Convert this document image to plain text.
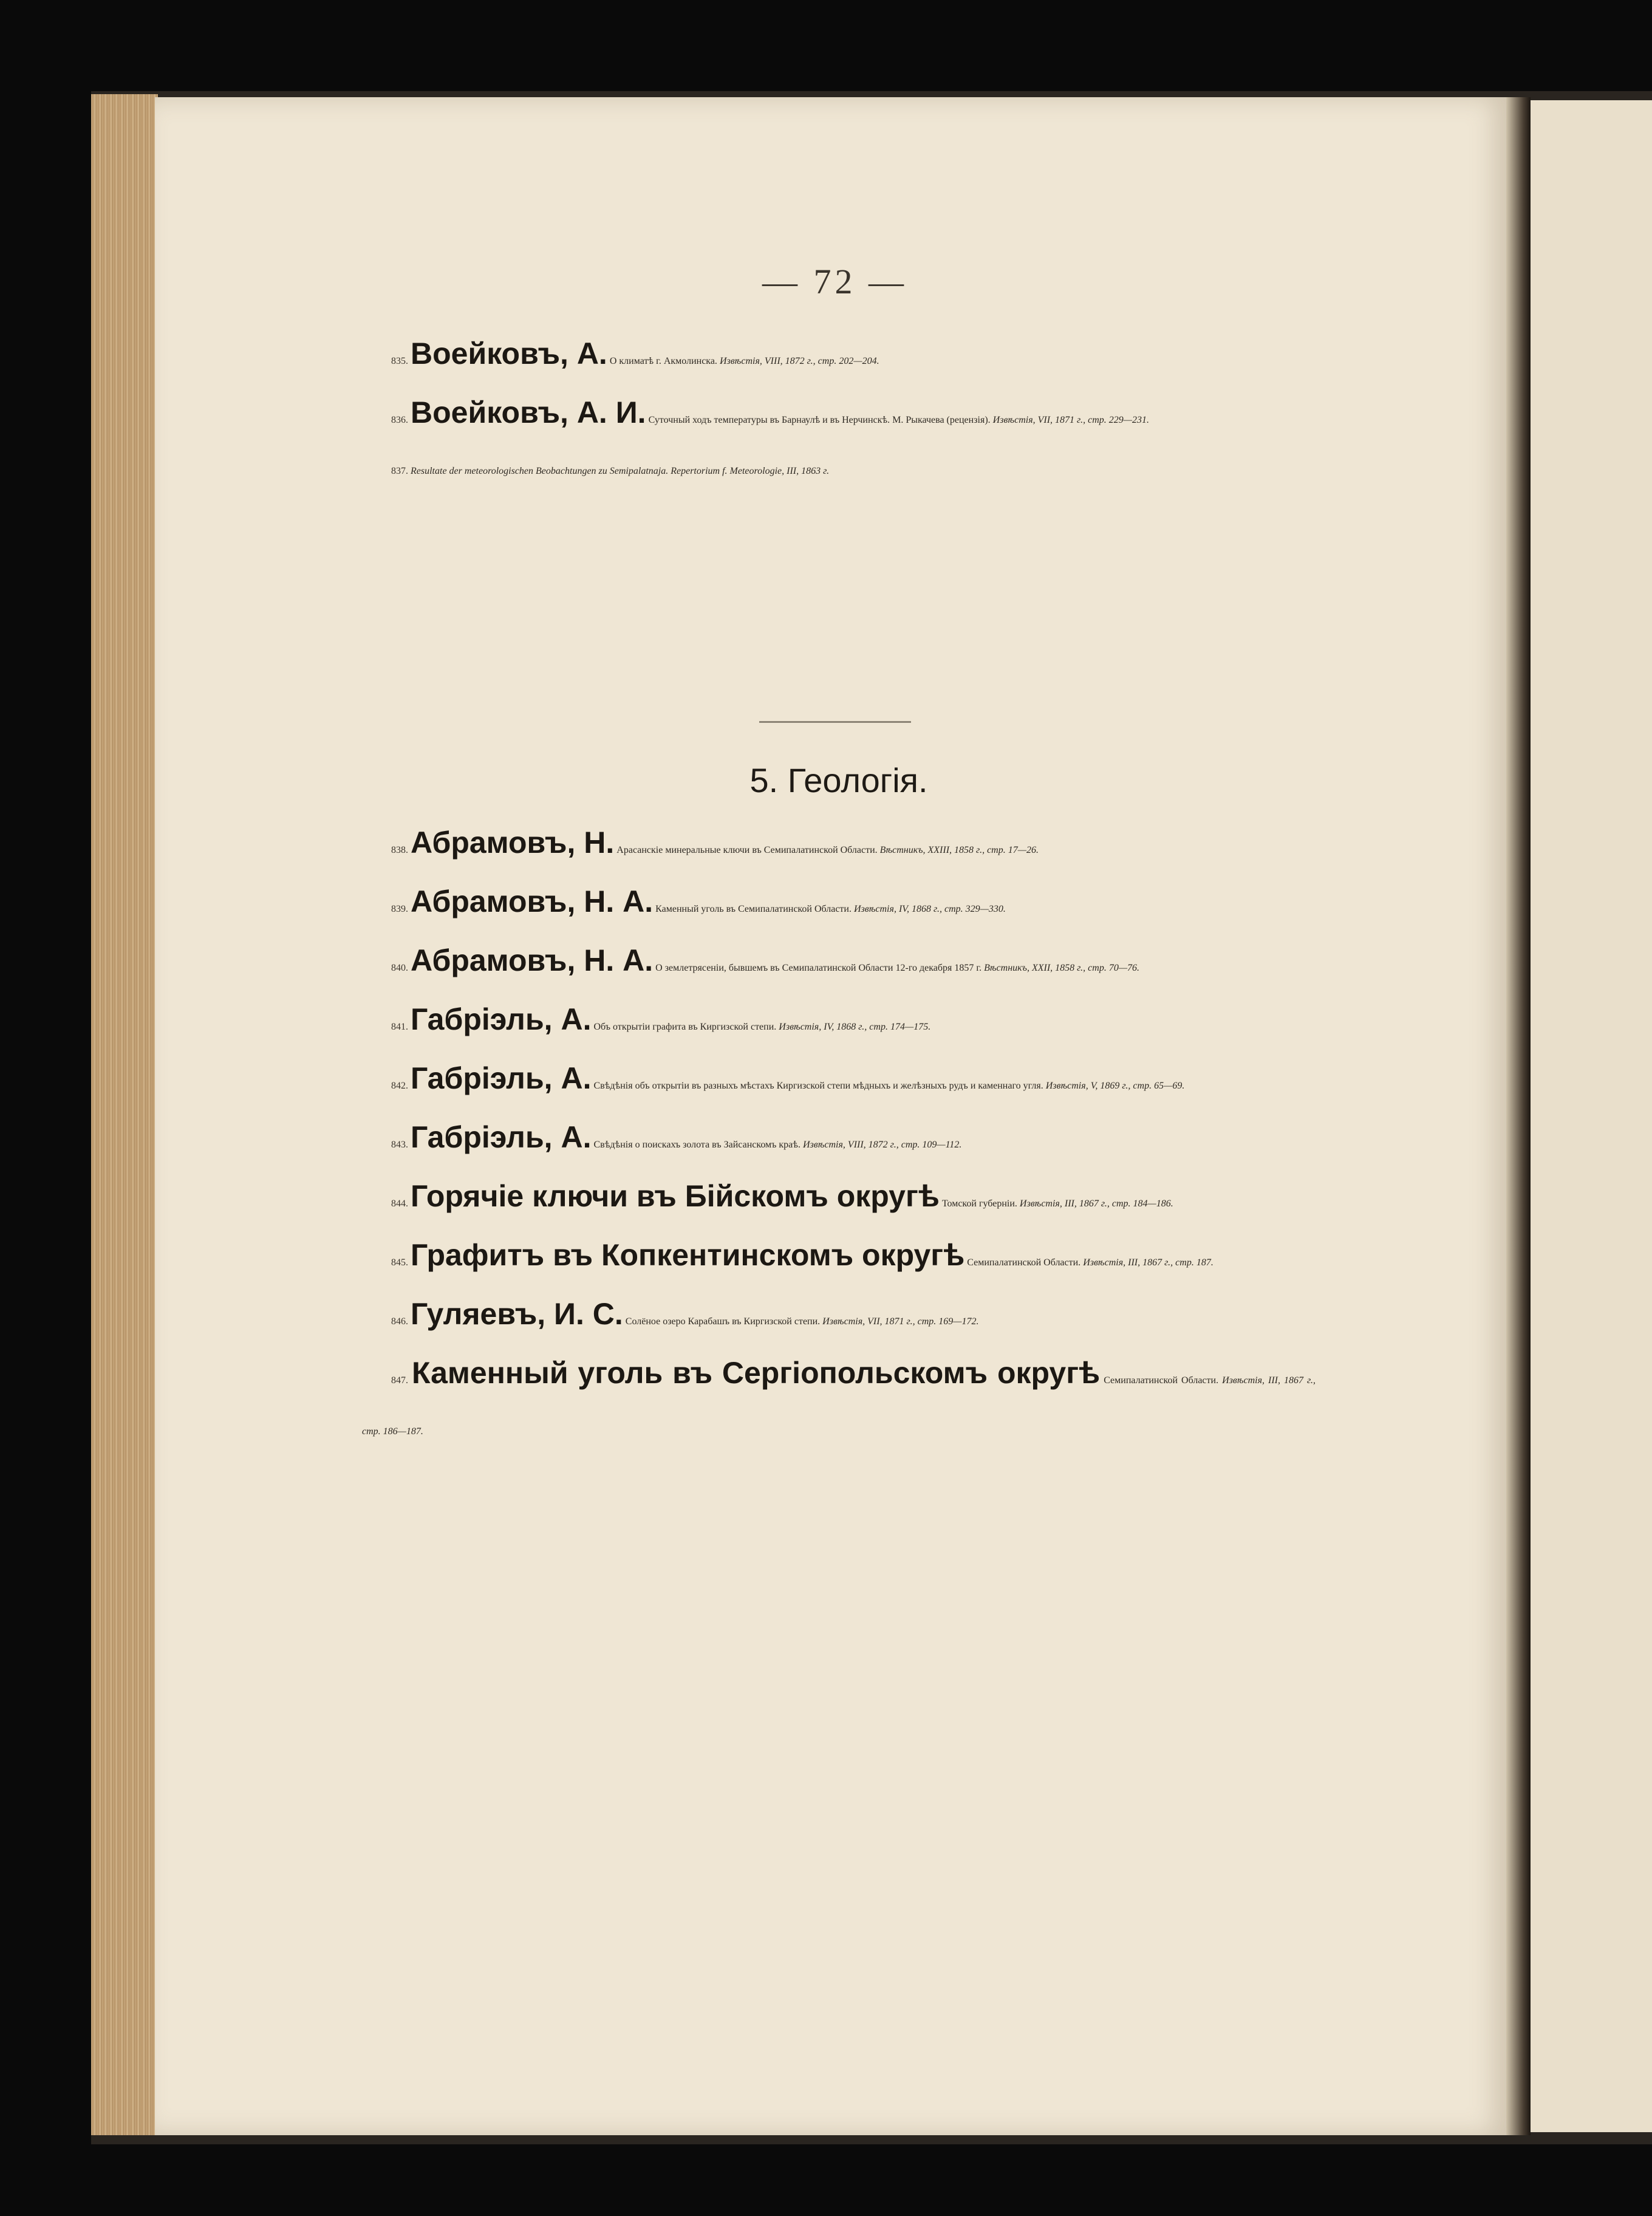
— 72 —

835. Воейковъ, А. О климатѣ г. Акмолинска. Извѣстія, VIII, 1872 г., стр. 202—204.

836. Воейковъ, А. И. Суточный ходъ температуры въ Барнаулѣ и въ Нерчинскѣ. М. Рыкачева (рецензія). Извѣстія, VII, 1871 г., стр. 229—231.

837. Resultate der meteorologischen Beobachtungen zu Semipalatnaja. Repertorium f. Meteorologie, III, 1863 г.

5. Геологія.

838. Абрамовъ, Н. Арасанскіе минеральные ключи въ Семипалатинской Области. Вѣстникъ, XXIII, 1858 г., стр. 17—26.

839. Абрамовъ, Н. А. Каменный уголь въ Семипалатинской Области. Извѣстія, IV, 1868 г., стр. 329—330.

840. Абрамовъ, Н. А. О землетрясеніи, бывшемъ въ Семипалатинской Области 12-го декабря 1857 г. Вѣстникъ, XXII, 1858 г., стр. 70—76.

841. Габріэль, А. Объ открытіи графита въ Киргизской степи. Извѣстія, IV, 1868 г., стр. 174—175.

842. Габріэль, А. Свѣдѣнія объ открытіи въ разныхъ мѣстахъ Киргизской степи мѣдныхъ и желѣзныхъ рудъ и каменнаго угля. Извѣстія, V, 1869 г., стр. 65—69.

843. Габріэль, А. Свѣдѣнія о поискахъ золота въ Зайсанскомъ краѣ. Извѣстія, VIII, 1872 г., стр. 109—112.

844. Горячіе ключи въ Бійскомъ округѣ Томской губерніи. Извѣстія, III, 1867 г., стр. 184—186.

845. Графитъ въ Копкентинскомъ округѣ Семипалатинской Области. Извѣстія, III, 1867 г., стр. 187.

846. Гуляевъ, И. С. Солёное озеро Карабашъ въ Киргизской степи. Извѣстія, VII, 1871 г., стр. 169—172.

847. Каменный уголь въ Сергіопольскомъ округѣ Семипалатинской Области. Извѣстія, III, 1867 г., стр. 186—187.
